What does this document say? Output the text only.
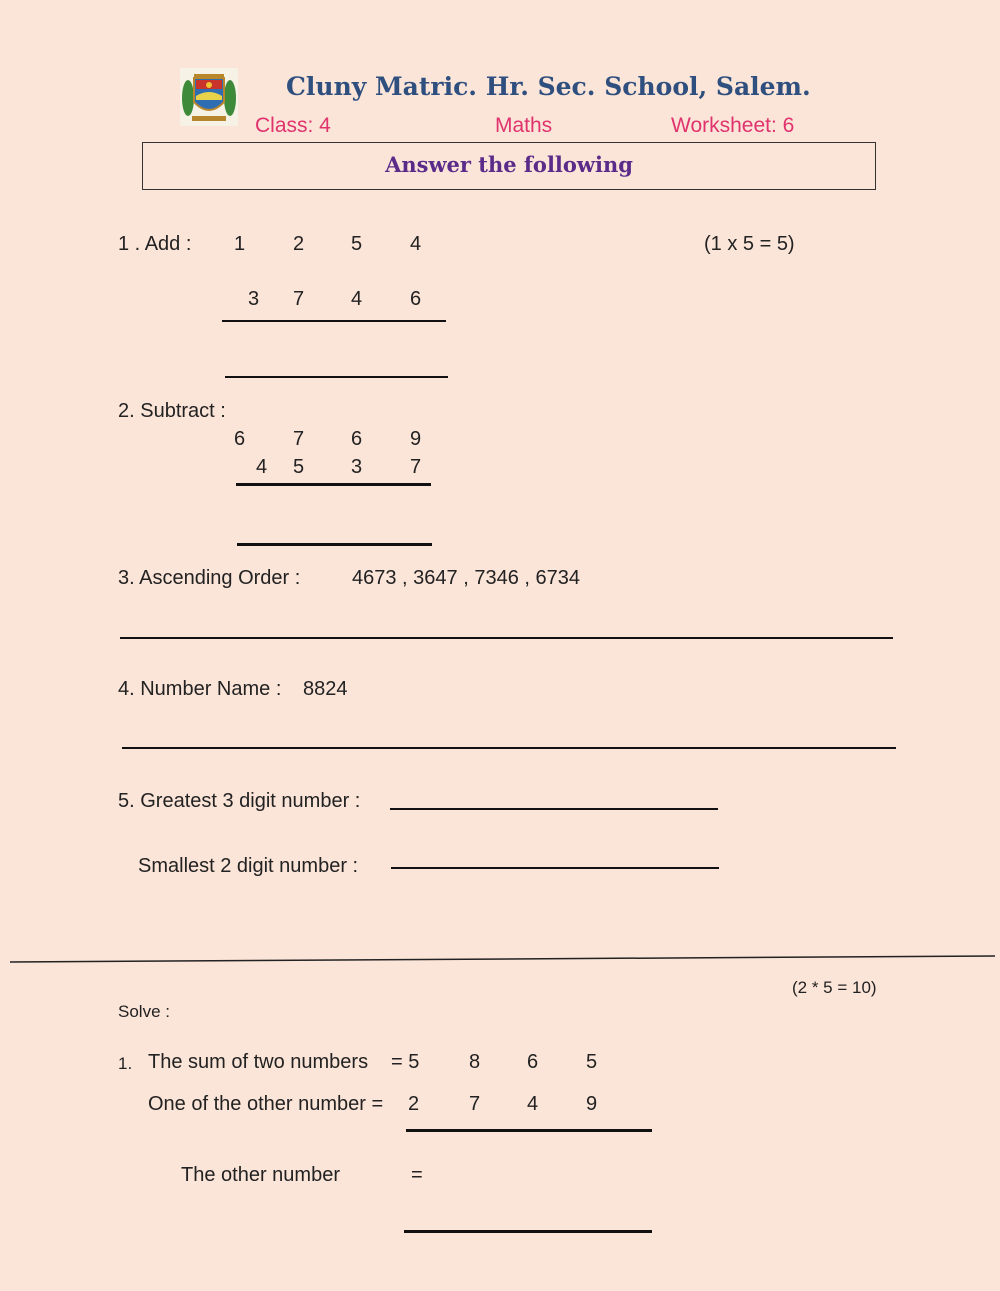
Cluny Matric. Hr. Sec. School, Salem.
Class: 4	Maths	Worksheet: 6
Answer the following
1 . Add :	(1 x 5 = 5)
1 2 5 4
3 7 4 6
2. Subtract :
6 7 6 9
4 5 3 7
3. Ascending Order :	4673 , 3647 , 7346 , 6734
4. Number Name : 8824
5. Greatest 3 digit number :
Smallest 2 digit number :
(2 * 5 = 10)
Solve :
1. The sum of two numbers = 5 8 6 5
One of the other number = 2 7 4 9
The other number	=
